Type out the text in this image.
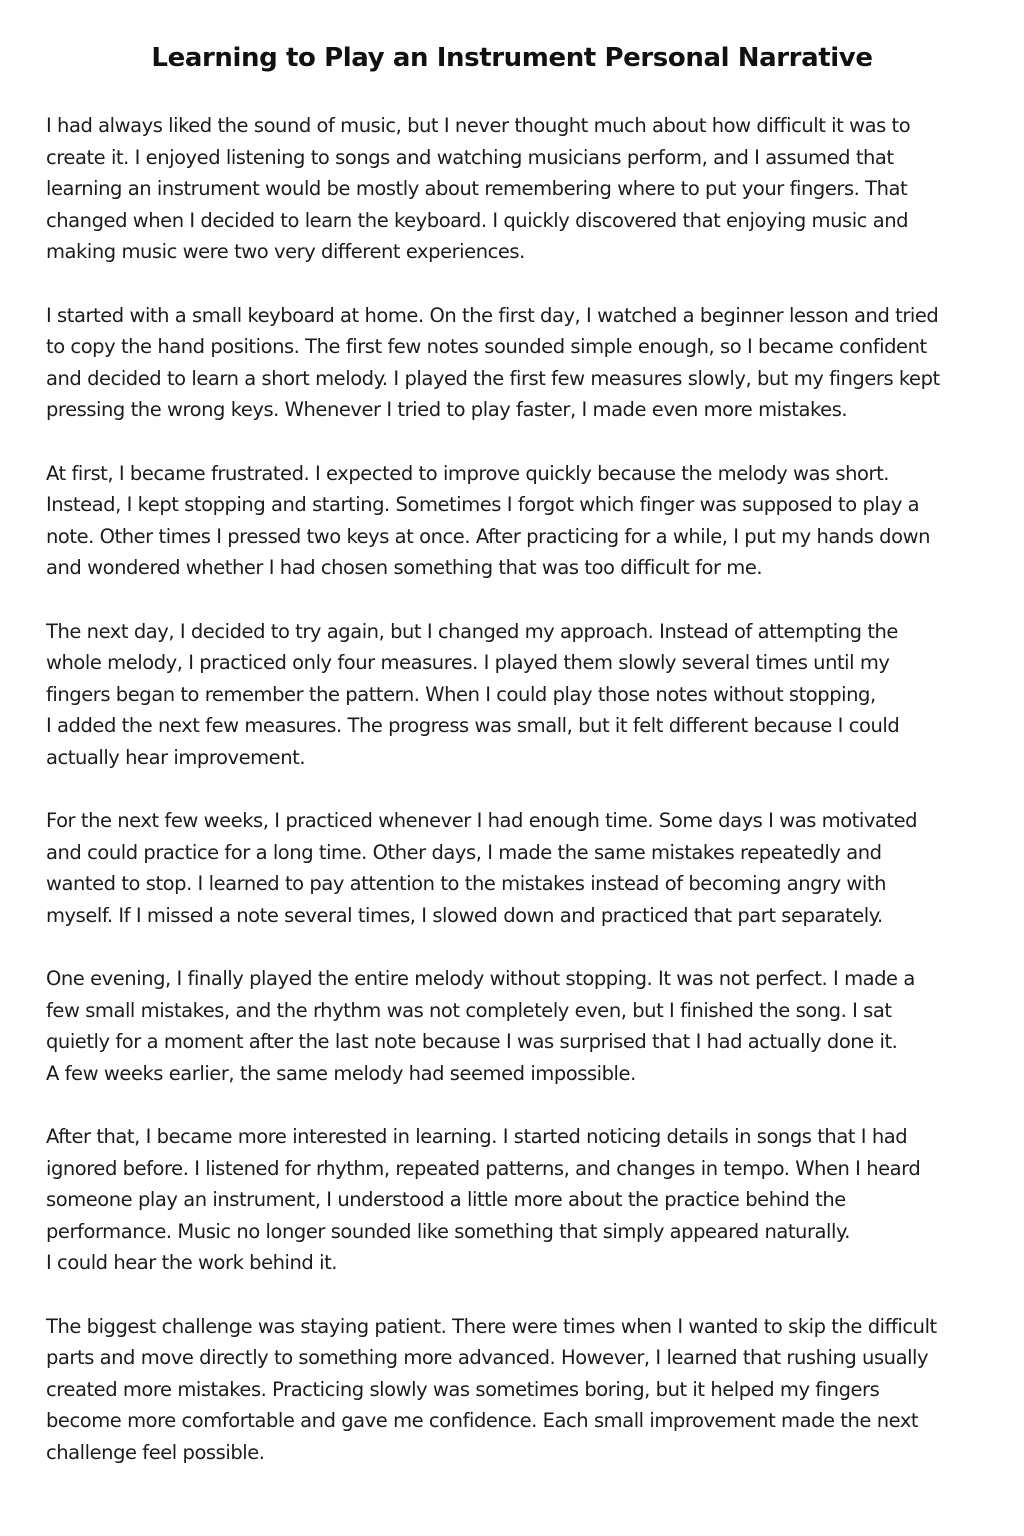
Learning to Play an Instrument Personal Narrative

I had always liked the sound of music, but I never thought much about how difficult it was to
create it. I enjoyed listening to songs and watching musicians perform, and I assumed that
learning an instrument would be mostly about remembering where to put your fingers. That
changed when I decided to learn the keyboard. I quickly discovered that enjoying music and
making music were two very different experiences.

I started with a small keyboard at home. On the first day, I watched a beginner lesson and tried
to copy the hand positions. The first few notes sounded simple enough, so I became confident
and decided to learn a short melody. I played the first few measures slowly, but my fingers kept
pressing the wrong keys. Whenever I tried to play faster, I made even more mistakes.

At first, I became frustrated. I expected to improve quickly because the melody was short.
Instead, I kept stopping and starting. Sometimes I forgot which finger was supposed to play a
note. Other times I pressed two keys at once. After practicing for a while, I put my hands down
and wondered whether I had chosen something that was too difficult for me.

The next day, I decided to try again, but I changed my approach. Instead of attempting the
whole melody, I practiced only four measures. I played them slowly several times until my
fingers began to remember the pattern. When I could play those notes without stopping,
I added the next few measures. The progress was small, but it felt different because I could
actually hear improvement.

For the next few weeks, I practiced whenever I had enough time. Some days I was motivated
and could practice for a long time. Other days, I made the same mistakes repeatedly and
wanted to stop. I learned to pay attention to the mistakes instead of becoming angry with
myself. If I missed a note several times, I slowed down and practiced that part separately.

One evening, I finally played the entire melody without stopping. It was not perfect. I made a
few small mistakes, and the rhythm was not completely even, but I finished the song. I sat
quietly for a moment after the last note because I was surprised that I had actually done it.
A few weeks earlier, the same melody had seemed impossible.

After that, I became more interested in learning. I started noticing details in songs that I had
ignored before. I listened for rhythm, repeated patterns, and changes in tempo. When I heard
someone play an instrument, I understood a little more about the practice behind the
performance. Music no longer sounded like something that simply appeared naturally.
I could hear the work behind it.

The biggest challenge was staying patient. There were times when I wanted to skip the difficult
parts and move directly to something more advanced. However, I learned that rushing usually
created more mistakes. Practicing slowly was sometimes boring, but it helped my fingers
become more comfortable and gave me confidence. Each small improvement made the next
challenge feel possible.
